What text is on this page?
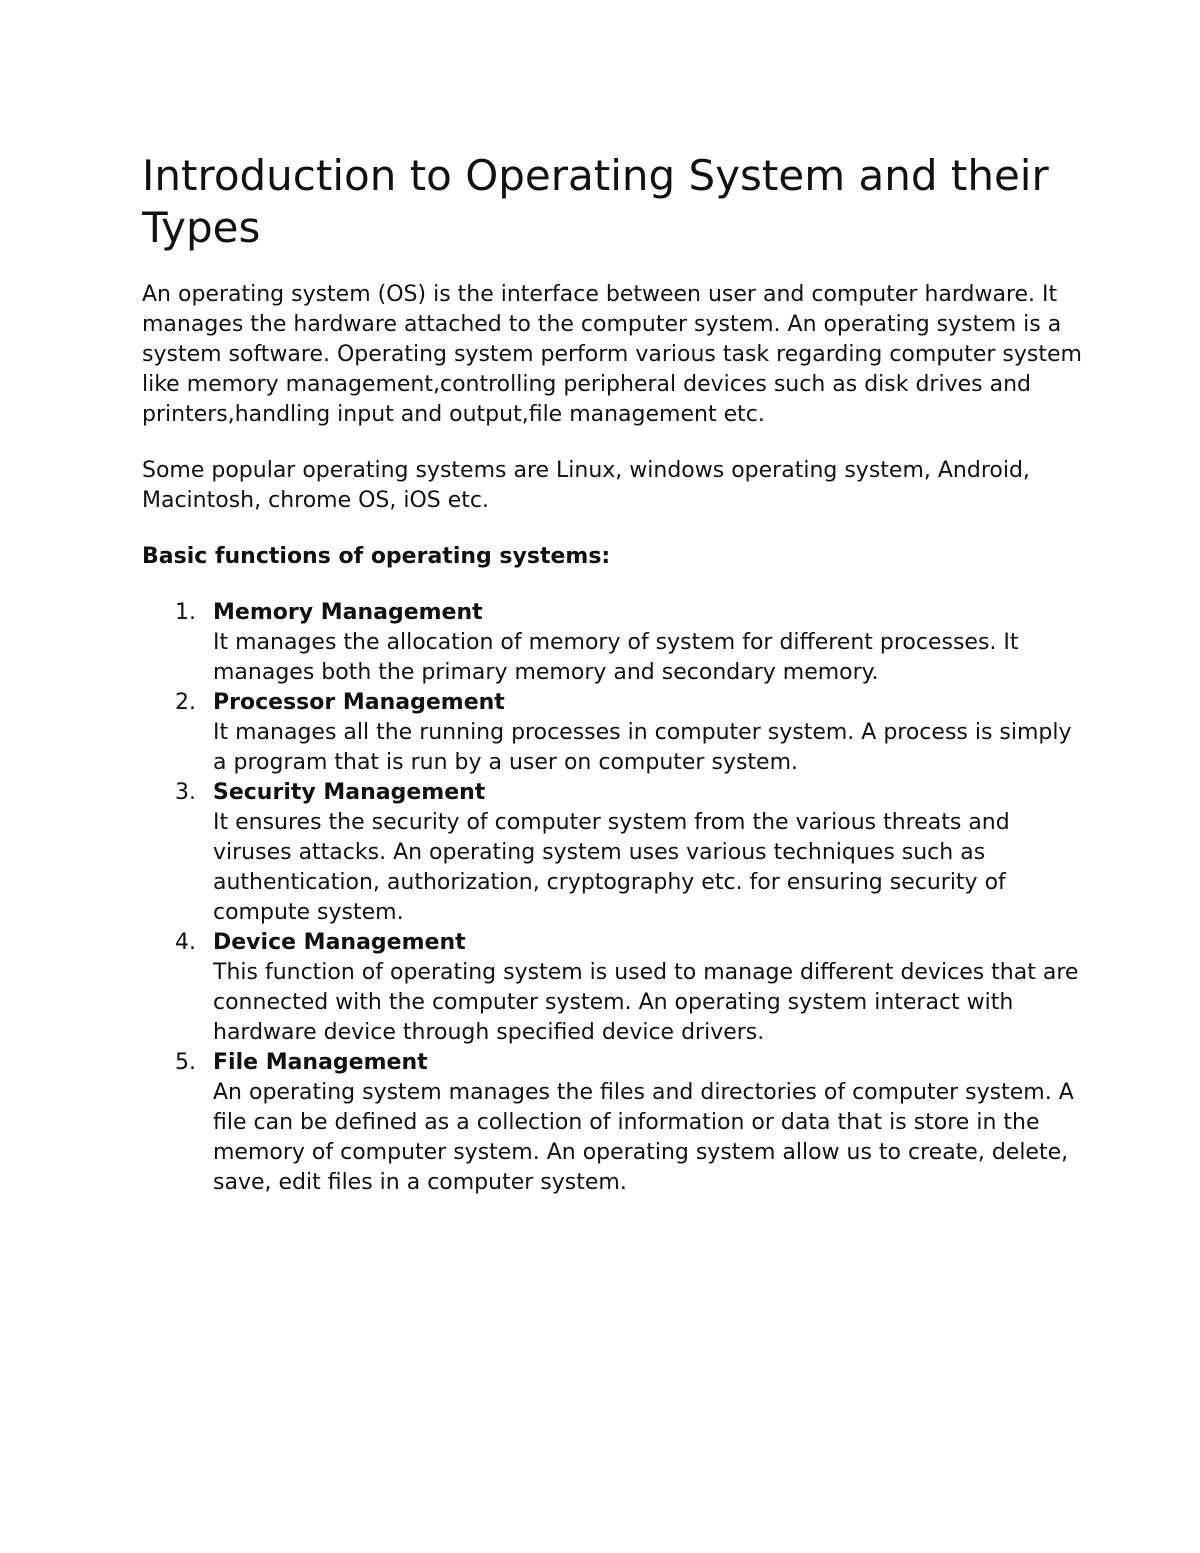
Introduction to Operating System and their Types

An operating system (OS) is the interface between user and computer hardware. It manages the hardware attached to the computer system. An operating system is a system software. Operating system perform various task regarding computer system like memory management,controlling peripheral devices such as disk drives and printers,handling input and output,file management etc.

Some popular operating systems are Linux, windows operating system, Android, Macintosh, chrome OS, iOS etc.

Basic functions of operating systems:
1. Memory Management
It manages the allocation of memory of system for different processes. It manages both the primary memory and secondary memory.
2. Processor Management
It manages all the running processes in computer system. A process is simply a program that is run by a user on computer system.
3. Security Management
It ensures the security of computer system from the various threats and viruses attacks. An operating system uses various techniques such as authentication, authorization, cryptography etc. for ensuring security of compute system.
4. Device Management
This function of operating system is used to manage different devices that are connected with the computer system. An operating system interact with hardware device through specified device drivers.
5. File Management
An operating system manages the files and directories of computer system. A file can be defined as a collection of information or data that is store in the memory of computer system. An operating system allow us to create, delete, save, edit files in a computer system.
